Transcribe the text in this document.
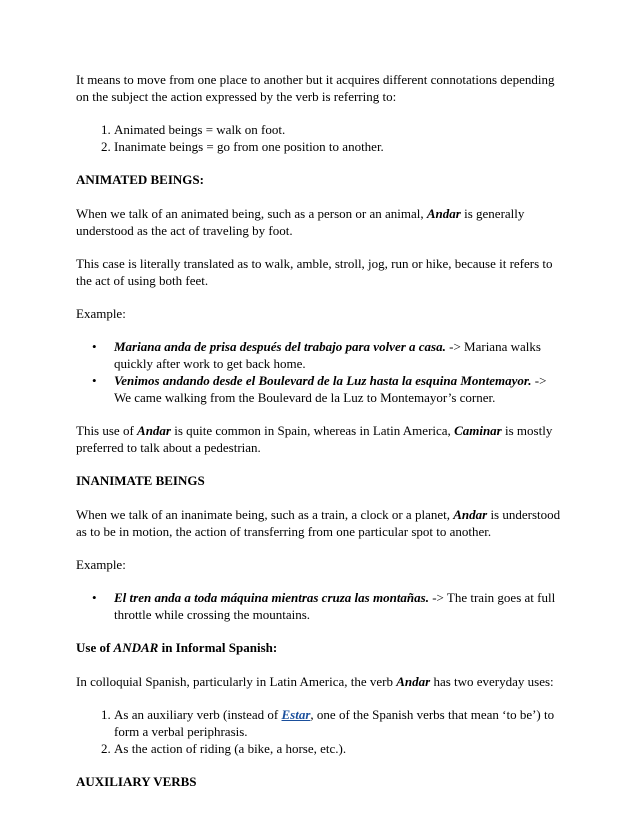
It means to move from one place to another but it acquires different connotations depending on the subject the action expressed by the verb is referring to:

1. Animated beings = walk on foot.
2. Inanimate beings = go from one position to another.

ANIMATED BEINGS:

When we talk of an animated being, such as a person or an animal, Andar is generally understood as the act of traveling by foot.

This case is literally translated as to walk, amble, stroll, jog, run or hike, because it refers to the act of using both feet.

Example:

• Mariana anda de prisa después del trabajo para volver a casa. -> Mariana walks quickly after work to get back home.
• Venimos andando desde el Boulevard de la Luz hasta la esquina Montemayor. -> We came walking from the Boulevard de la Luz to Montemayor’s corner.

This use of Andar is quite common in Spain, whereas in Latin America, Caminar is mostly preferred to talk about a pedestrian.

INANIMATE BEINGS

When we talk of an inanimate being, such as a train, a clock or a planet, Andar is understood as to be in motion, the action of transferring from one particular spot to another.

Example:

• El tren anda a toda máquina mientras cruza las montañas. -> The train goes at full throttle while crossing the mountains.

Use of ANDAR in Informal Spanish:

In colloquial Spanish, particularly in Latin America, the verb Andar has two everyday uses:

1. As an auxiliary verb (instead of Estar, one of the Spanish verbs that mean ‘to be’) to form a verbal periphrasis.
2. As the action of riding (a bike, a horse, etc.).

AUXILIARY VERBS
